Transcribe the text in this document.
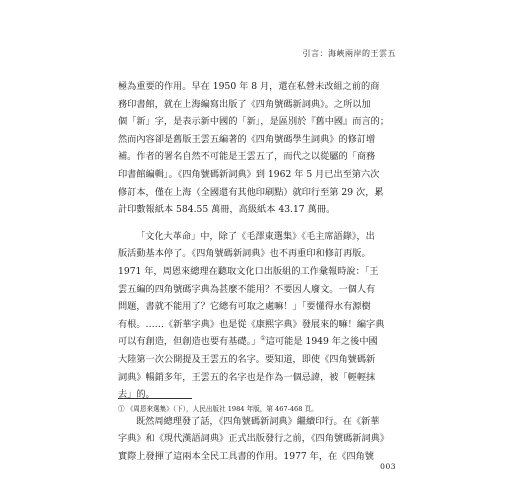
引言：海峽兩岸的王雲五

極為重要的作用。早在 1950 年 8 月，還在私營未改組之前的商
務印書館，就在上海編寫出版了《四角號碼新詞典》。之所以加
個「新」字，是表示新中國的「新」，是區別於『舊中國』而言的；
然而內容卻是舊版王雲五編著的《四角號碼學生詞典》的修訂增
補。作者的署名自然不可能是王雲五了，而代之以從屬的「商務
印書館編輯」。《四角號碼新詞典》到 1962 年 5 月已出至第六次
修訂本，僅在上海（全國還有其他印刷點）就印行至第 29 次，累
計印數報紙本 584.55 萬冊，高級紙本 43.17 萬冊。

「文化大革命」中，除了《毛澤東選集》《毛主席語錄》，出
版活動基本停了。《四角號碼新詞典》也不再重印和修訂再版。
1971 年，周恩來總理在聽取文化口出版組的工作彙報時說：「王
雲五編的四角號碼字典為甚麼不能用？不要因人廢文。一個人有
問題，書就不能用了？它總有可取之處嘛！」「要懂得水有源樹
有根。……《新華字典》也是從《康熙字典》發展來的嘛！編字典
可以有創造，但創造也要有基礎。」①這可能是 1949 年之後中國
大陸第一次公開提及王雲五的名字。要知道，即使《四角號碼新
詞典》暢銷多年，王雲五的名字也是作為一個忌諱，被「輕輕抹
去」的。

既然周總理發了話，《四角號碼新詞典》繼續印行。在《新華
字典》和《現代漢語詞典》正式出版發行之前，《四角號碼新詞典》
實際上發揮了這兩本全民工具書的作用。1977 年，在《四角號

① 《周恩來選集》（下），人民出版社 1984 年版，第 467-468 頁。
003
